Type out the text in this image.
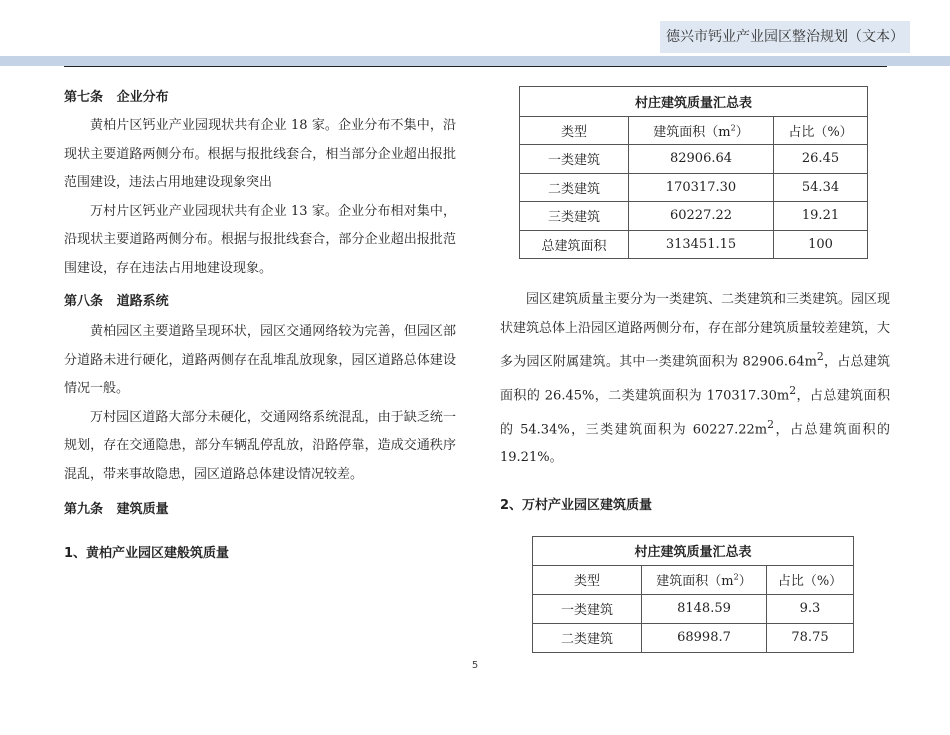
德兴市钙业产业园区整治规划（文本）

第七条   企业分布

黄柏片区钙业产业园现状共有企业 18 家。企业分布不集中，沿现状主要道路两侧分布。根据与报批线套合，相当部分企业超出报批范围建设，违法占用地建设现象突出

万村片区钙业产业园现状共有企业 13 家。企业分布相对集中，沿现状主要道路两侧分布。根据与报批线套合，部分企业超出报批范围建设，存在违法占用地建设现象。

第八条   道路系统

黄柏园区主要道路呈现环状，园区交通网络较为完善，但园区部分道路未进行硬化，道路两侧存在乱堆乱放现象，园区道路总体建设情况一般。

万村园区道路大部分未硬化，交通网络系统混乱，由于缺乏统一规划，存在交通隐患，部分车辆乱停乱放，沿路停靠，造成交通秩序混乱，带来事故隐患，园区道路总体建设情况较差。

第九条   建筑质量

1、黄柏产业园区建般筑质量

村庄建筑质量汇总表		
类型	建筑面积$(m^2)$	占比（%）
一类建筑	82906.64	26.45
二类建筑	170317.30	54.34
三类建筑	60227.22	19.21
总建筑面积	313451.15	100

园区建筑质量主要分为一类建筑、二类建筑和三类建筑。园区现状建筑总体上沿园区道路两侧分布，存在部分建筑质量较差建筑，大多为园区附属建筑。其中一类建筑面积为 $82906.64m^2$，占总建筑面积的 26.45%，二类建筑面积为 $170317.30m^2$，占总建筑面积的 54.34%，三类建筑面积为 $60227.22m^2$，占总建筑面积的 19.21%。

2、万村产业园区建筑质量

村庄建筑质量汇总表		
类型	建筑面积$(m^2)$	占比（%）
一类建筑	8148.59	9.3
二类建筑	68998.7	78.75
5
